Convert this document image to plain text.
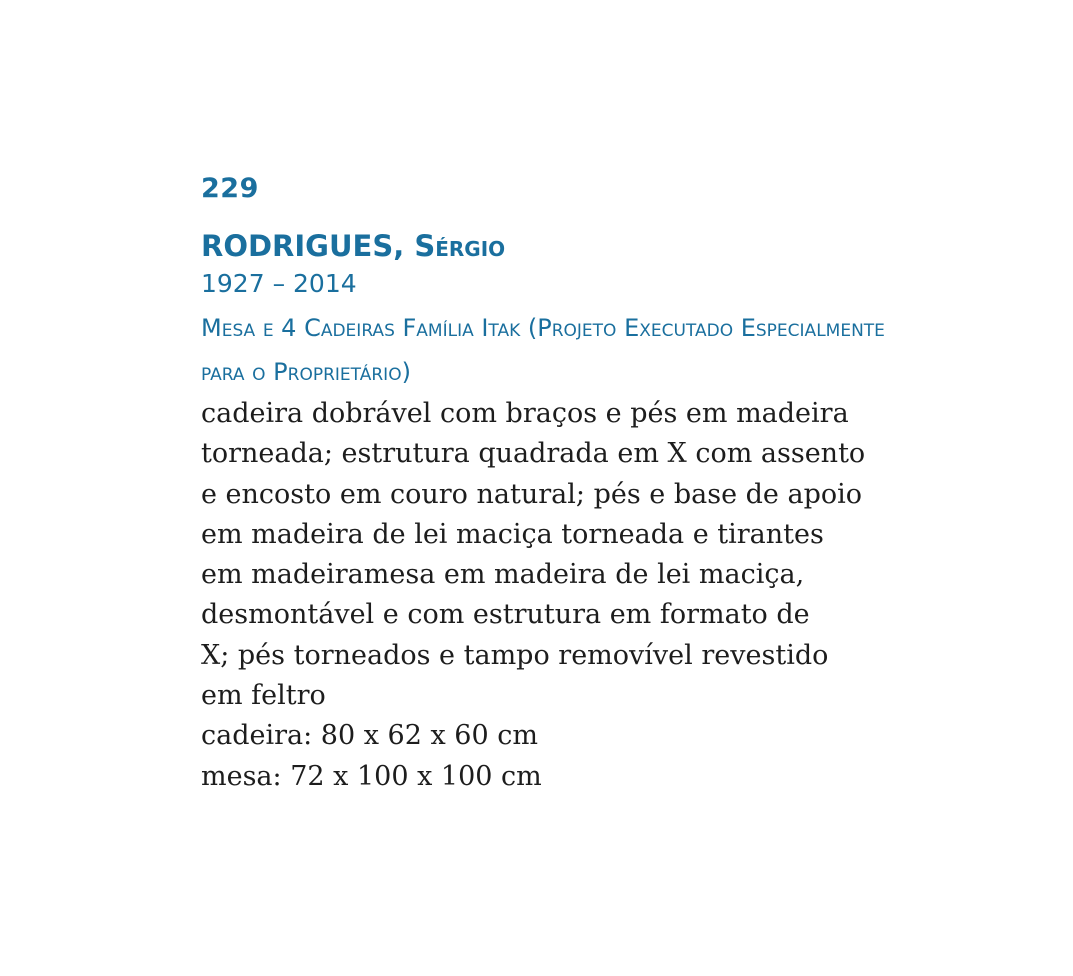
229

RODRIGUES, Sérgio

1927 – 2014

Mesa e 4 Cadeiras Família Itak (Projeto Executado Especialmente para o Proprietário)

cadeira dobrável com braços e pés em madeira
torneada; estrutura quadrada em X com assento
e encosto em couro natural; pés e base de apoio
em madeira de lei maciça torneada e tirantes
em madeiramesa em madeira de lei maciça,
desmontável e com estrutura em formato de
X; pés torneados e tampo removível revestido
em feltro

cadeira: 80 x 62 x 60 cm

mesa: 72 x 100 x 100 cm
